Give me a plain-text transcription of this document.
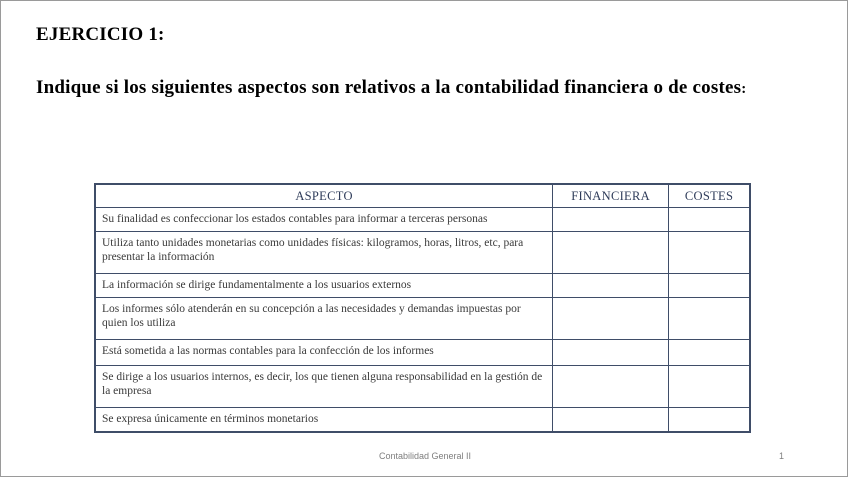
EJERCICIO 1:
Indique si los siguientes aspectos son relativos a la contabilidad financiera o de costes:
ASPECTO	FINANCIERA	COSTES
Su finalidad es confeccionar los estados contables para informar a terceras personas		
Utiliza tanto unidades monetarias como unidades físicas: kilogramos, horas, litros, etc, para presentar la información		
La información se dirige fundamentalmente a los usuarios externos		
Los informes sólo atenderán en su concepción a las necesidades y demandas impuestas por quien los utiliza		
Está sometida a las normas contables para la confección de los informes		
Se dirige a los usuarios internos, es decir, los que tienen alguna responsabilidad en la gestión de la empresa		
Se expresa únicamente en términos monetarios		
Contabilidad General II	1
